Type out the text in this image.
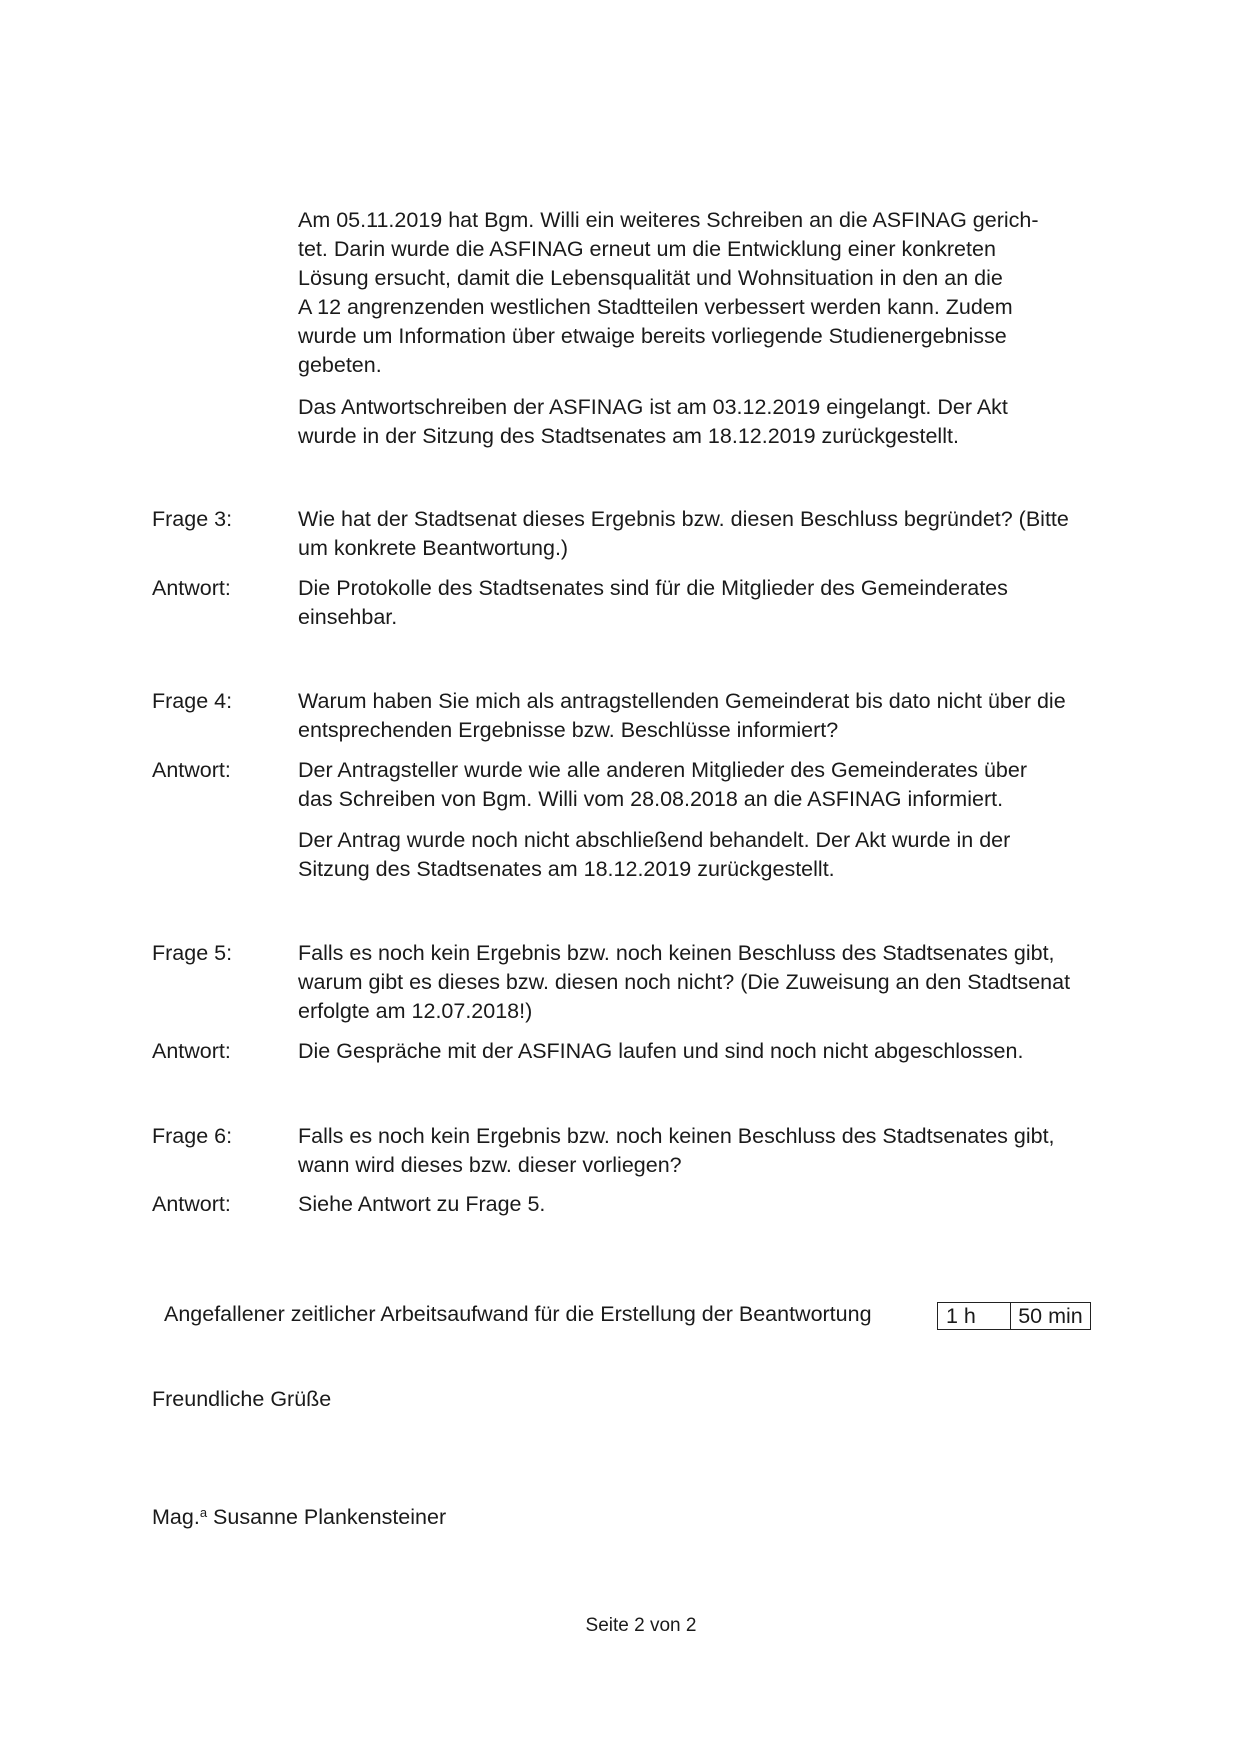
Am 05.11.2019 hat Bgm. Willi ein weiteres Schreiben an die ASFINAG gerich-
tet. Darin wurde die ASFINAG erneut um die Entwicklung einer konkreten
Lösung ersucht, damit die Lebensqualität und Wohnsituation in den an die
A 12 angrenzenden westlichen Stadtteilen verbessert werden kann. Zudem
wurde um Information über etwaige bereits vorliegende Studienergebnisse
gebeten.
Das Antwortschreiben der ASFINAG ist am 03.12.2019 eingelangt. Der Akt
wurde in der Sitzung des Stadtsenates am 18.12.2019 zurückgestellt.
Frage 3:	Wie hat der Stadtsenat dieses Ergebnis bzw. diesen Beschluss begründet? (Bitte
um konkrete Beantwortung.)
Antwort:	Die Protokolle des Stadtsenates sind für die Mitglieder des Gemeinderates
einsehbar.
Frage 4:	Warum haben Sie mich als antragstellenden Gemeinderat bis dato nicht über die
entsprechenden Ergebnisse bzw. Beschlüsse informiert?
Antwort:	Der Antragsteller wurde wie alle anderen Mitglieder des Gemeinderates über
das Schreiben von Bgm. Willi vom 28.08.2018 an die ASFINAG informiert.
Der Antrag wurde noch nicht abschließend behandelt. Der Akt wurde in der
Sitzung des Stadtsenates am 18.12.2019 zurückgestellt.
Frage 5:	Falls es noch kein Ergebnis bzw. noch keinen Beschluss des Stadtsenates gibt,
warum gibt es dieses bzw. diesen noch nicht? (Die Zuweisung an den Stadtsenat
erfolgte am 12.07.2018!)
Antwort:	Die Gespräche mit der ASFINAG laufen und sind noch nicht abgeschlossen.
Frage 6:	Falls es noch kein Ergebnis bzw. noch keinen Beschluss des Stadtsenates gibt,
wann wird dieses bzw. dieser vorliegen?
Antwort:	Siehe Antwort zu Frage 5.
Angefallener zeitlicher Arbeitsaufwand für die Erstellung der Beantwortung	1 h	50 min
Freundliche Grüße
Mag.$^a$ Susanne Plankensteiner
Seite 2 von 2
